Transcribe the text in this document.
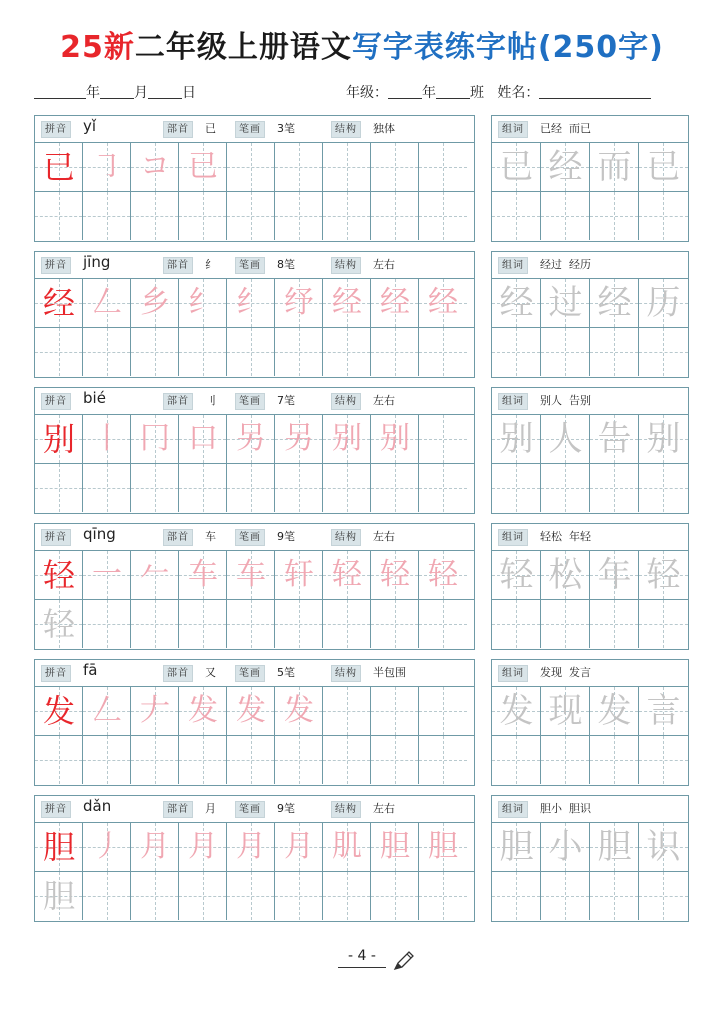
25新二年级上册语文写字表练字帖(250字)
年 月 日	年级： 年 班 姓名：
拼音 yǐ	部首	已	笔画	3笔	结构	独体
已 ㇆ コ 已
组词	已经  而已
已 经 而 已
拼音 jīng	部首	纟	笔画	8笔	结构	左右
经 𠃋 乡 纟 纟 纾 经 经 经
组词	经过  经历
经 过 经 历
拼音 bié	部首	刂	笔画	7笔	结构	左右
别 丨 冂 口 另 另 别 别
组词	别人  告别
别 人 告 别
拼音 qīng	部首	车	笔画	9笔	结构	左右
轻 一 𠂉 车 车 轩 轻 轻 轻
轻
组词	轻松  年轻
轻 松 年 轻
拼音 fā	部首	又	笔画	5笔	结构	半包围
发 𠃋 𠂇 发 发 发
组词	发现  发言
发 现 发 言
拼音 dǎn	部首	月	笔画	9笔	结构	左右
胆 丿 月 月 月 月 肌 胆 胆
胆
组词	胆小  胆识
胆 小 胆 识
- 4 -
